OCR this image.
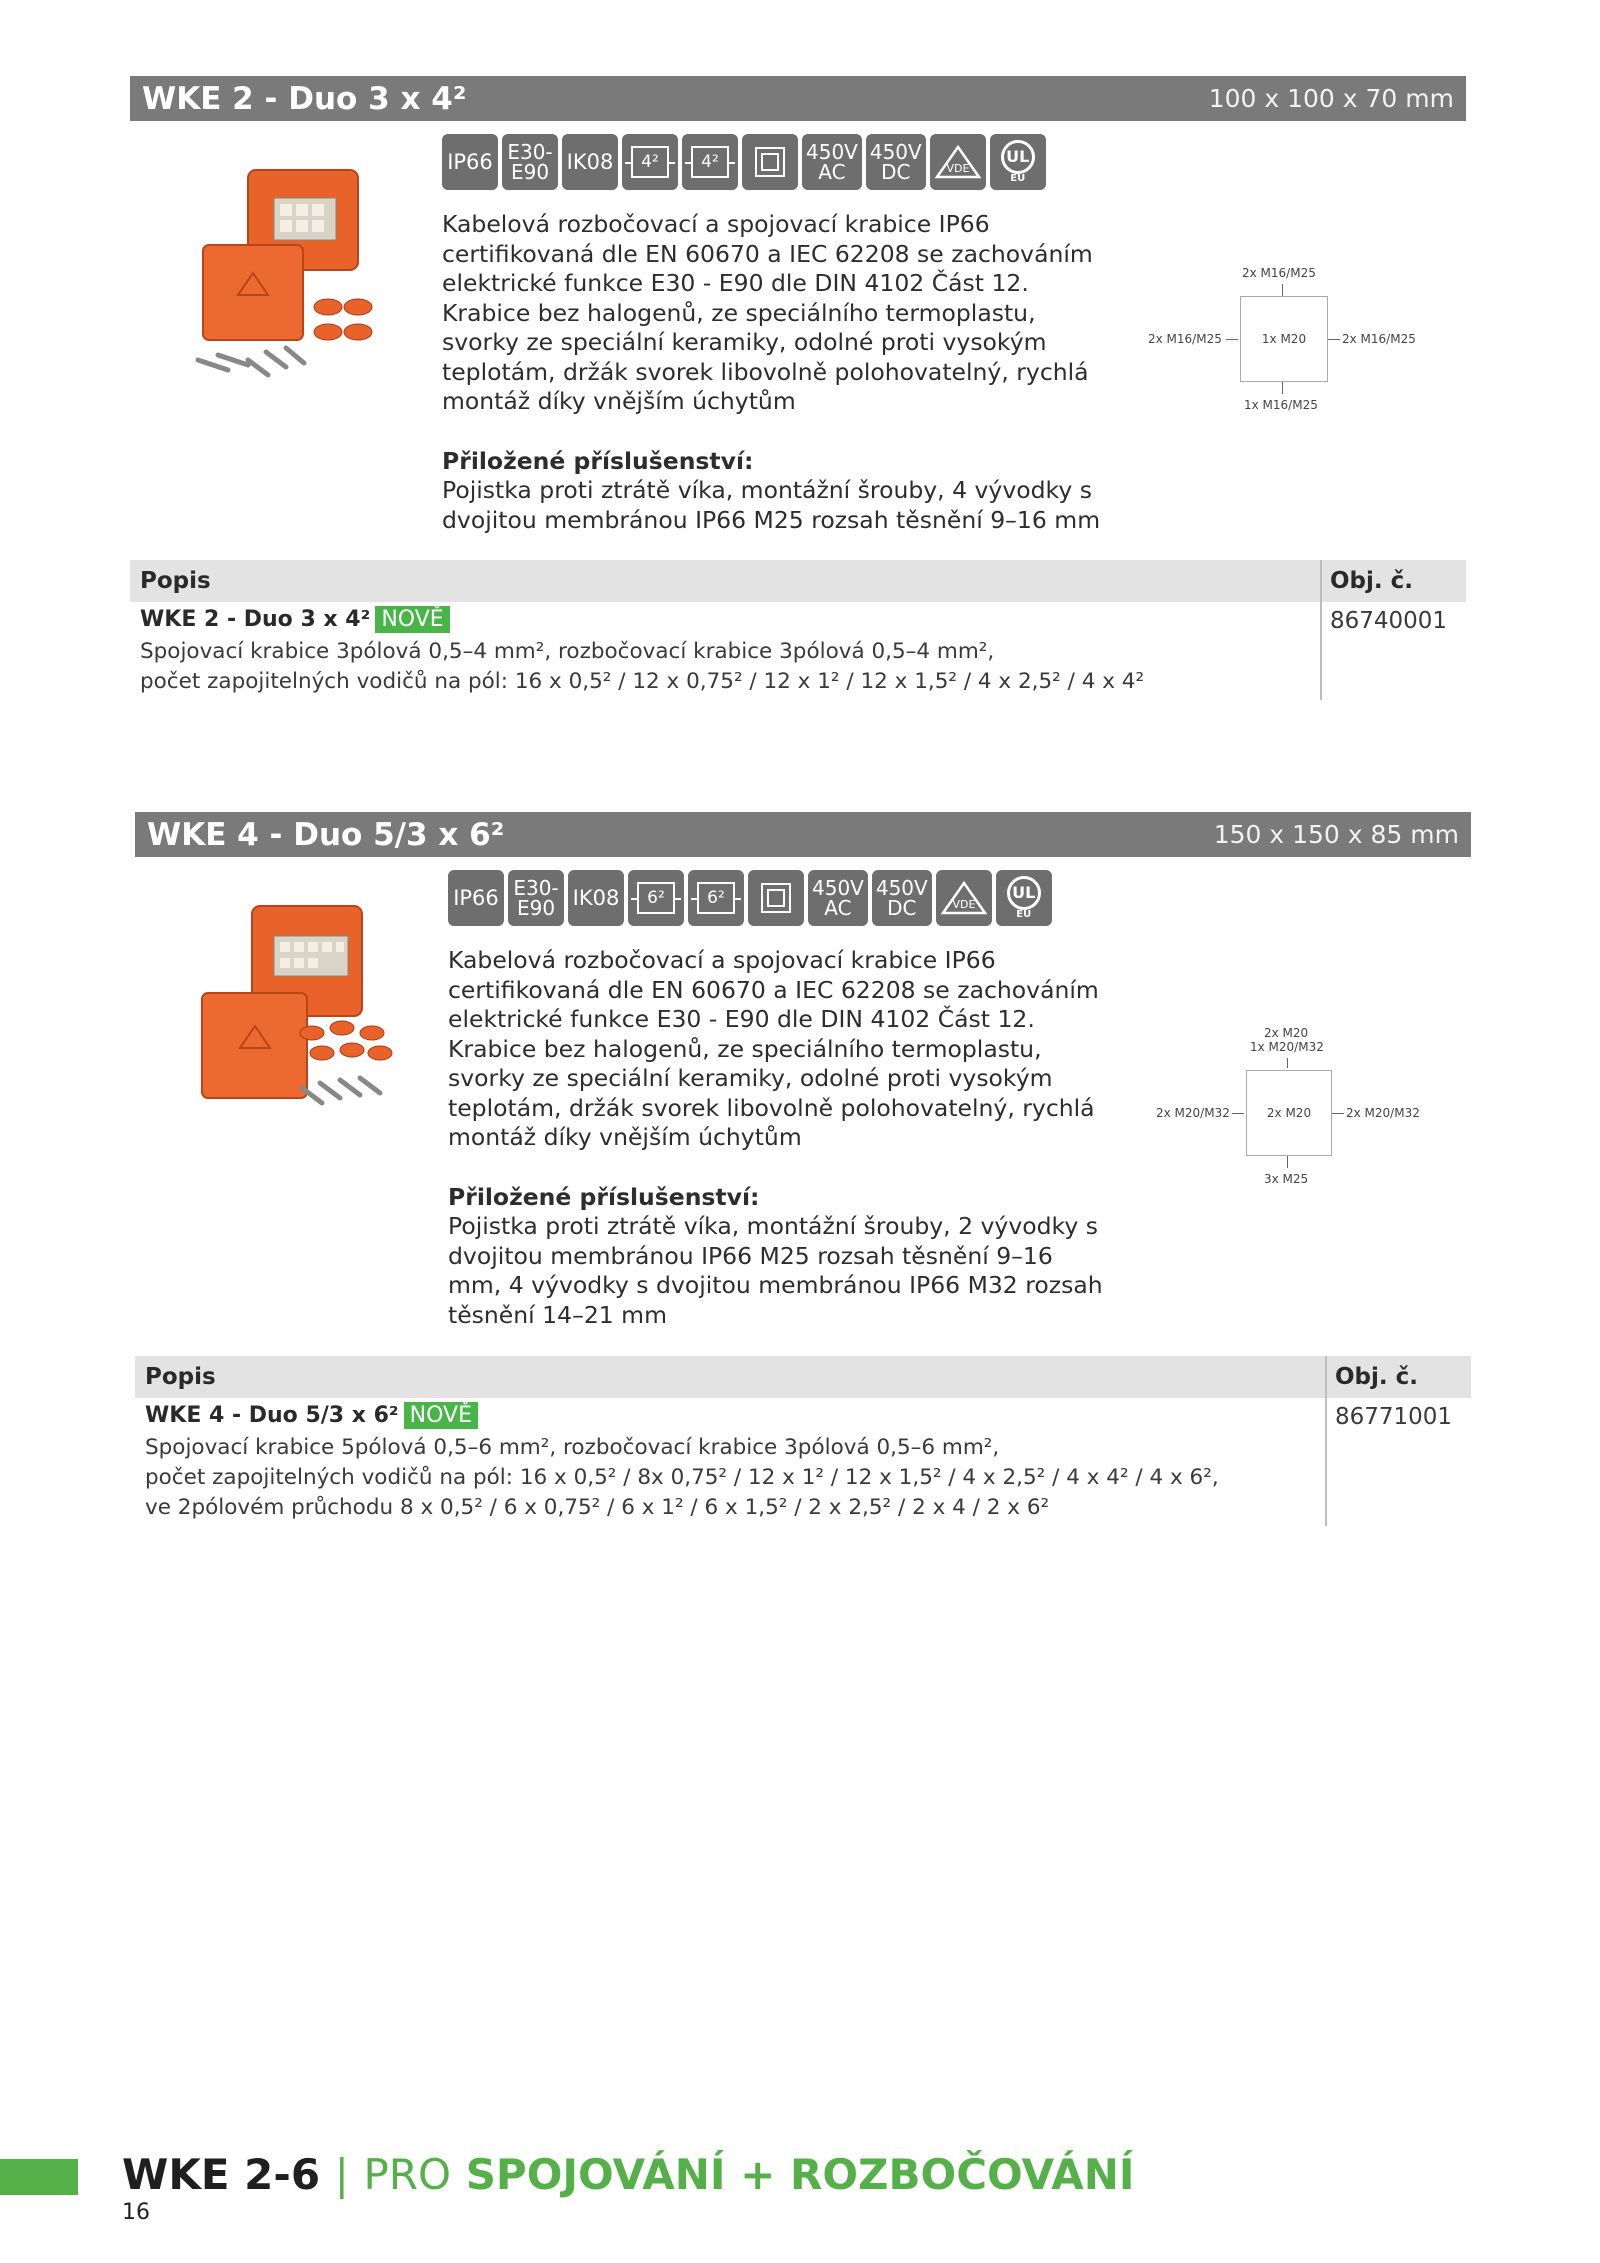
WKE 2 - Duo 3 x 4²	100 x 100 x 70 mm
IP66 E30-
E90 IK08	4²	4²	450V
AC
450V
DC	VDE
UL
EU
Kabelová rozbočovací a spojovací krabice IP66 certifikovaná dle EN 60670 a IEC 62208 se zachováním elektrické funkce E30 - E90 dle DIN 4102 Část 12. Krabice bez halogenů, ze speciálního termoplastu, svorky ze speciální keramiky, odolné proti vysokým teplotám, držák svorek libovolně polohovatelný, rychlá montáž díky vnějším úchytům
Přiložené příslušenství:
Pojistka proti ztrátě víka, montážní šrouby, 4 vývodky s dvojitou membránou IP66 M25 rozsah těsnění 9–16 mm
2x M16/M25
1x M20
2x M16/M25	2x M16/M25
1x M16/M25
Popis	Obj. č.
WKE 2 - Duo 3 x 4² NOVĚ
Spojovací krabice 3pólová 0,5–4 mm², rozbočovací krabice 3pólová 0,5–4 mm²,
počet zapojitelných vodičů na pól: 16 x 0,5² / 12 x 0,75² / 12 x 1² / 12 x 1,5² / 4 x 2,5² / 4 x 4²
86740001
WKE 4 - Duo 5/3 x 6²	150 x 150 x 85 mm
IP66 E30-
E90 IK08	6²	6²	450V
AC
450V
DC	VDE
UL
EU
Kabelová rozbočovací a spojovací krabice IP66 certifikovaná dle EN 60670 a IEC 62208 se zachováním elektrické funkce E30 - E90 dle DIN 4102 Část 12. Krabice bez halogenů, ze speciálního termoplastu, svorky ze speciální keramiky, odolné proti vysokým teplotám, držák svorek libovolně polohovatelný, rychlá montáž díky vnějším úchytům
Přiložené příslušenství:
Pojistka proti ztrátě víka, montážní šrouby, 2 vývodky s dvojitou membránou IP66 M25 rozsah těsnění 9–16 mm, 4 vývodky s dvojitou membránou IP66 M32 rozsah těsnění 14–21 mm
2x M20
1x M20/M32
2x M20
2x M20/M32	2x M20/M32
3x M25
Popis	Obj. č.
WKE 4 - Duo 5/3 x 6² NOVĚ
Spojovací krabice 5pólová 0,5–6 mm², rozbočovací krabice 3pólová 0,5–6 mm²,
počet zapojitelných vodičů na pól: 16 x 0,5² / 8x 0,75² / 12 x 1² / 12 x 1,5² / 4 x 2,5² / 4 x 4² / 4 x 6²,
ve 2pólovém průchodu 8 x 0,5² / 6 x 0,75² / 6 x 1² / 6 x 1,5² / 2 x 2,5² / 2 x 4 / 2 x 6²
86771001
WKE 2-6 | PRO SPOJOVÁNÍ + ROZBOČOVÁNÍ
16
